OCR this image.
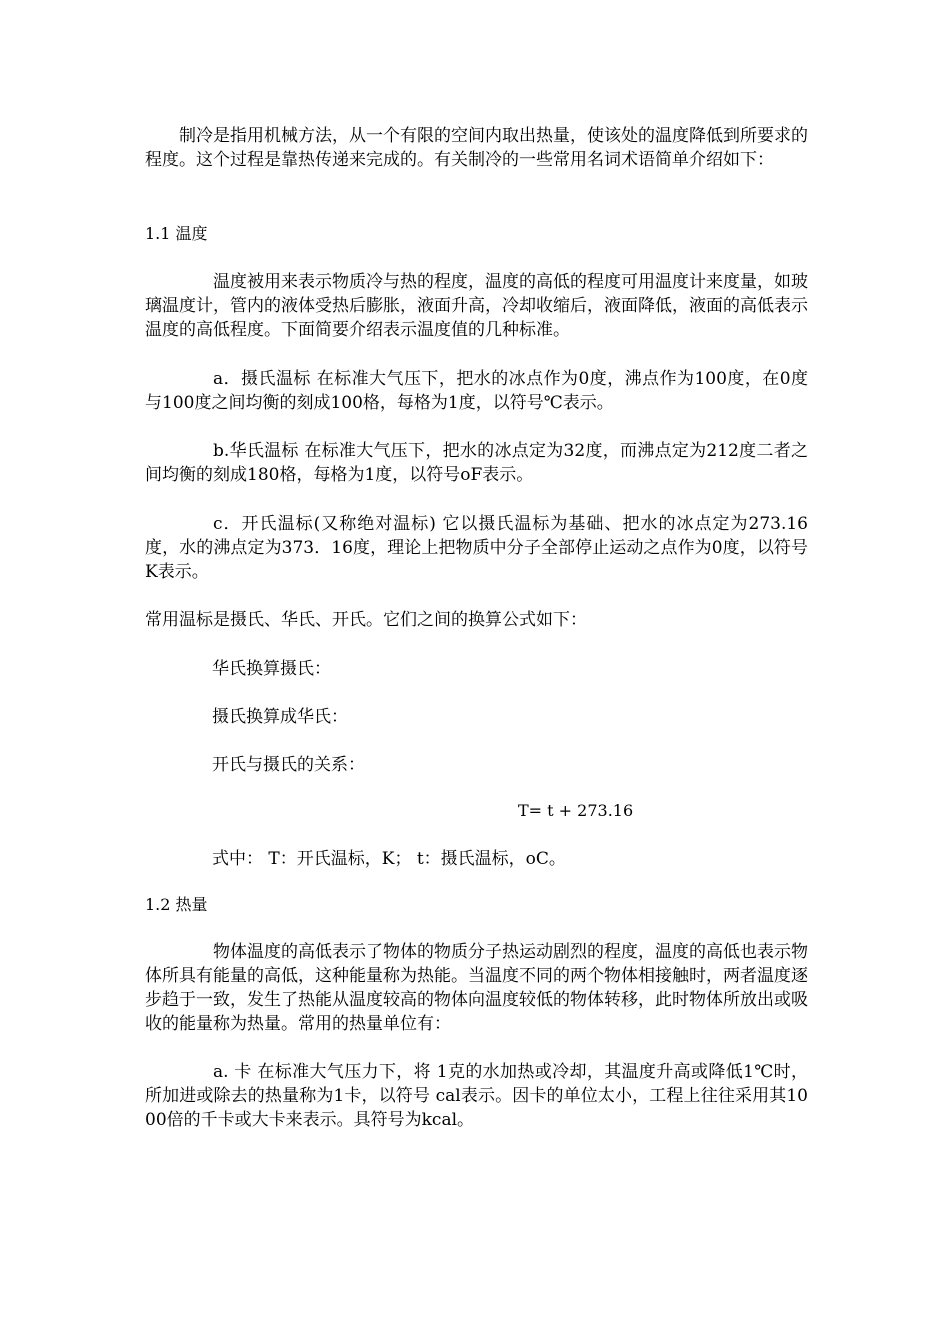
制冷是指用机械方法，从一个有限的空间内取出热量，使该处的温度降低到所要求的程度。这个过程是靠热传递来完成的。有关制冷的一些常用名词术语简单介绍如下：

1.1 温度

温度被用来表示物质冷与热的程度，温度的高低的程度可用温度计来度量，如玻璃温度计，管内的液体受热后膨胀，液面升高，冷却收缩后，液面降低，液面的高低表示温度的高低程度。下面简要介绍表示温度值的几种标准。

a．摄氏温标 在标准大气压下，把水的冰点作为0度，沸点作为100度，在0度与100度之间均衡的刻成100格，每格为1度，以符号℃表示。

b.华氏温标 在标准大气压下，把水的冰点定为32度，而沸点定为212度二者之间均衡的刻成180格，每格为1度，以符号oF表示。

c．开氏温标(又称绝对温标) 它以摄氏温标为基础、把水的冰点定为273.16度，水的沸点定为373．16度，理论上把物质中分子全部停止运动之点作为0度，以符号K表示。

常用温标是摄氏、华氏、开氏。它们之间的换算公式如下：

华氏换算摄氏：

摄氏换算成华氏：

开氏与摄氏的关系：

T= t + 273.16

式中： T：开氏温标，K； t：摄氏温标，oC。

1.2 热量

物体温度的高低表示了物体的物质分子热运动剧烈的程度，温度的高低也表示物体所具有能量的高低，这种能量称为热能。当温度不同的两个物体相接触时，两者温度逐步趋于一致，发生了热能从温度较高的物体向温度较低的物体转移，此时物体所放出或吸收的能量称为热量。常用的热量单位有：

a. 卡 在标准大气压力下，将 1克的水加热或冷却，其温度升高或降低1℃时，所加进或除去的热量称为1卡，以符号 cal表示。因卡的单位太小，工程上往往采用其1000倍的千卡或大卡来表示。具符号为kcal。
